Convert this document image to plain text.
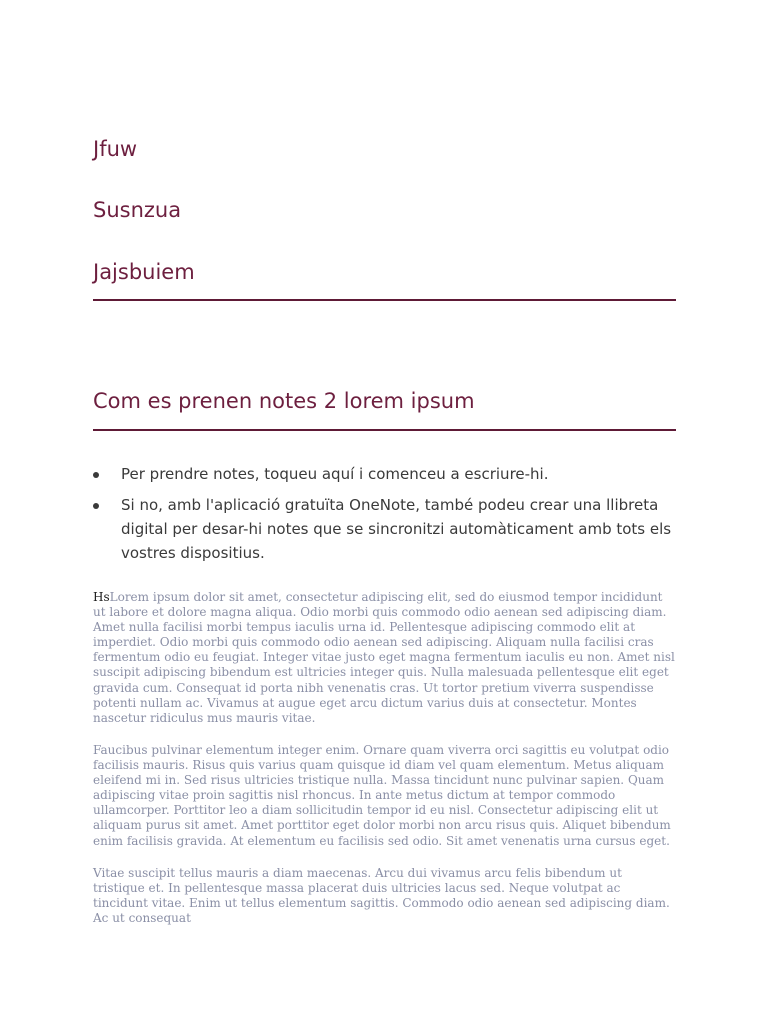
Jfuw
Susnzua
Jajsbuiem
Com es prenen notes 2 lorem ipsum
Per prendre notes, toqueu aquí i comenceu a escriure-hi.
Si no, amb l'aplicació gratuïta OneNote, també podeu crear una llibreta digital per desar-hi notes que se sincronitzi automàticament amb tots els vostres dispositius.

HsLorem ipsum dolor sit amet, consectetur adipiscing elit, sed do eiusmod tempor incididunt ut labore et dolore magna aliqua. Odio morbi quis commodo odio aenean sed adipiscing diam. Amet nulla facilisi morbi tempus iaculis urna id. Pellentesque adipiscing commodo elit at imperdiet. Odio morbi quis commodo odio aenean sed adipiscing. Aliquam nulla facilisi cras fermentum odio eu feugiat. Integer vitae justo eget magna fermentum iaculis eu non. Amet nisl suscipit adipiscing bibendum est ultricies integer quis. Nulla malesuada pellentesque elit eget gravida cum. Consequat id porta nibh venenatis cras. Ut tortor pretium viverra suspendisse potenti nullam ac. Vivamus at augue eget arcu dictum varius duis at consectetur. Montes nascetur ridiculus mus mauris vitae.

Faucibus pulvinar elementum integer enim. Ornare quam viverra orci sagittis eu volutpat odio facilisis mauris. Risus quis varius quam quisque id diam vel quam elementum. Metus aliquam eleifend mi in. Sed risus ultricies tristique nulla. Massa tincidunt nunc pulvinar sapien. Quam adipiscing vitae proin sagittis nisl rhoncus. In ante metus dictum at tempor commodo ullamcorper. Porttitor leo a diam sollicitudin tempor id eu nisl. Consectetur adipiscing elit ut aliquam purus sit amet. Amet porttitor eget dolor morbi non arcu risus quis. Aliquet bibendum enim facilisis gravida. At elementum eu facilisis sed odio. Sit amet venenatis urna cursus eget.

Vitae suscipit tellus mauris a diam maecenas. Arcu dui vivamus arcu felis bibendum ut tristique et. In pellentesque massa placerat duis ultricies lacus sed. Neque volutpat ac tincidunt vitae. Enim ut tellus elementum sagittis. Commodo odio aenean sed adipiscing diam. Ac ut consequat
